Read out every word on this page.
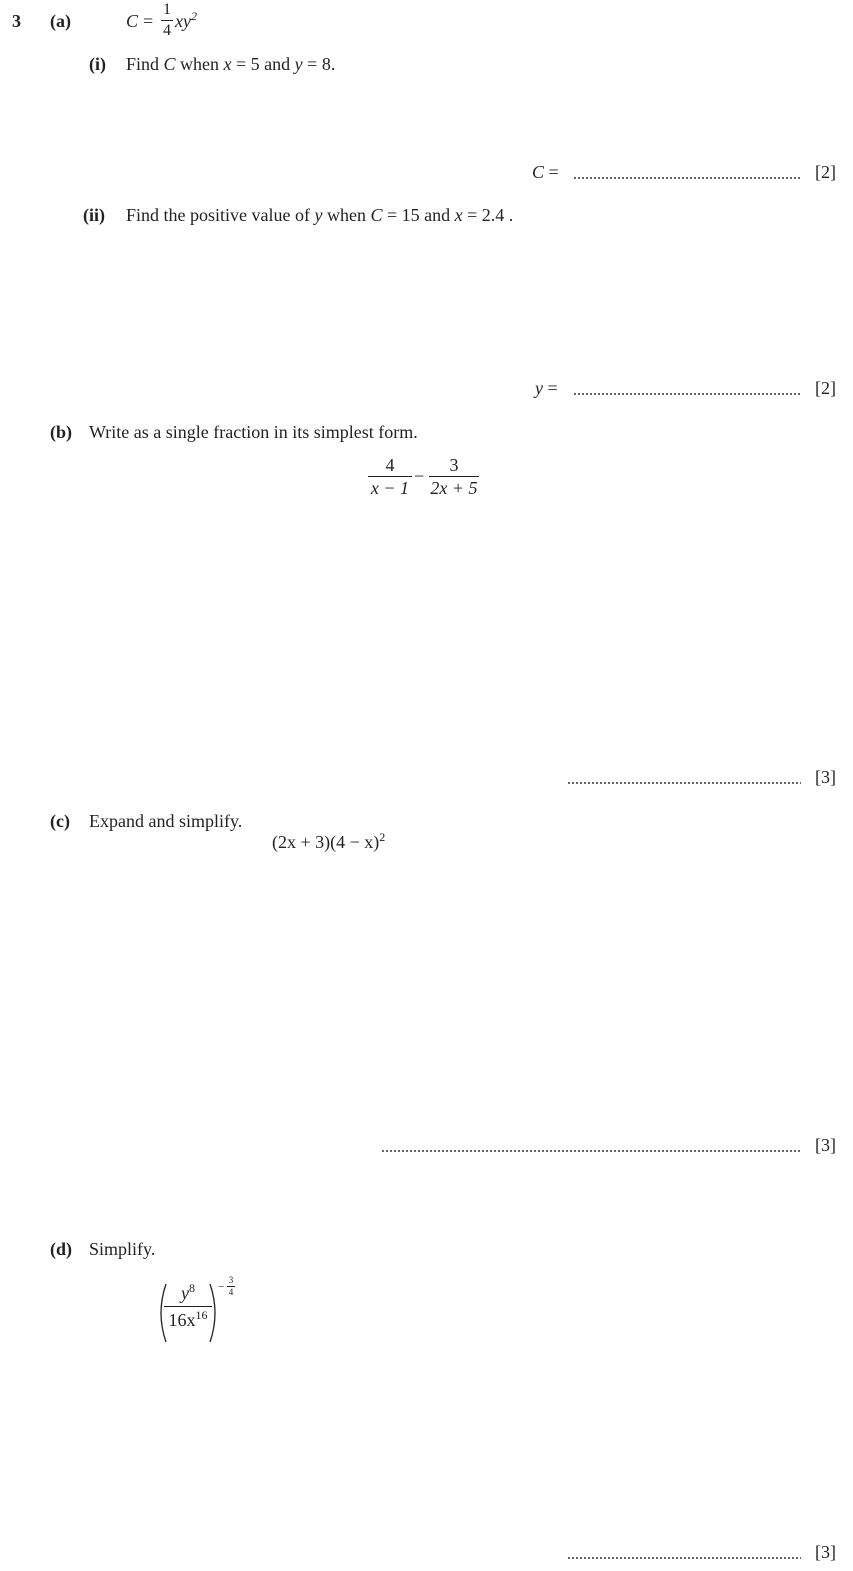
3 (a)	C =
1
4 $xy^2$
(i) Find C when x = 5 and y = 8.
C =	[2]
(ii) Find the positive value of y when C = 15 and x = 2.4 .
y =	[2]
(b) Write as a single fraction in its simplest form.
4
x − 1
−
3
2x + 5
[3]
(c) Expand and simplify.
$(2x + 3)(4 - x)^2$
[3]
(d) Simplify.
$y^8$
$16x^{16}$
−
3
4
[3]
